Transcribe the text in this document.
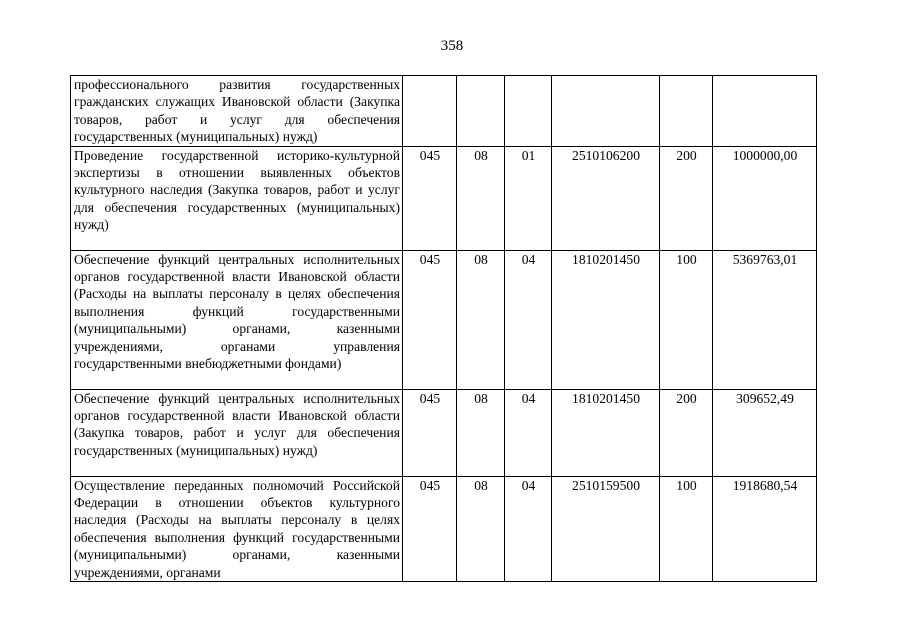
358
профессионального развития государственных гражданских служащих Ивановской области (Закупка товаров, работ и услуг для обеспечения государственных (муниципальных) нужд)						
Проведение государственной историко-культурной экспертизы в отношении выявленных объектов культурного наследия (Закупка товаров, работ и услуг для обеспечения государственных (муниципальных) нужд)	045	08	01	2510106200	200	1000000,00
Обеспечение функций центральных исполнительных органов государственной власти Ивановской области (Расходы на выплаты персоналу в целях обеспечения выполнения функций государственными (муниципальными) органами, казенными учреждениями, органами управления государственными внебюджетными фондами)	045	08	04	1810201450	100	5369763,01
Обеспечение функций центральных исполнительных органов государственной власти Ивановской области (Закупка товаров, работ и услуг для обеспечения государственных (муниципальных) нужд)	045	08	04	1810201450	200	309652,49
Осуществление переданных полномочий Российской Федерации в отношении объектов культурного наследия (Расходы на выплаты персоналу в целях обеспечения выполнения функций государственными (муниципальными) органами, казенными учреждениями, органами	045	08	04	2510159500	100	1918680,54
